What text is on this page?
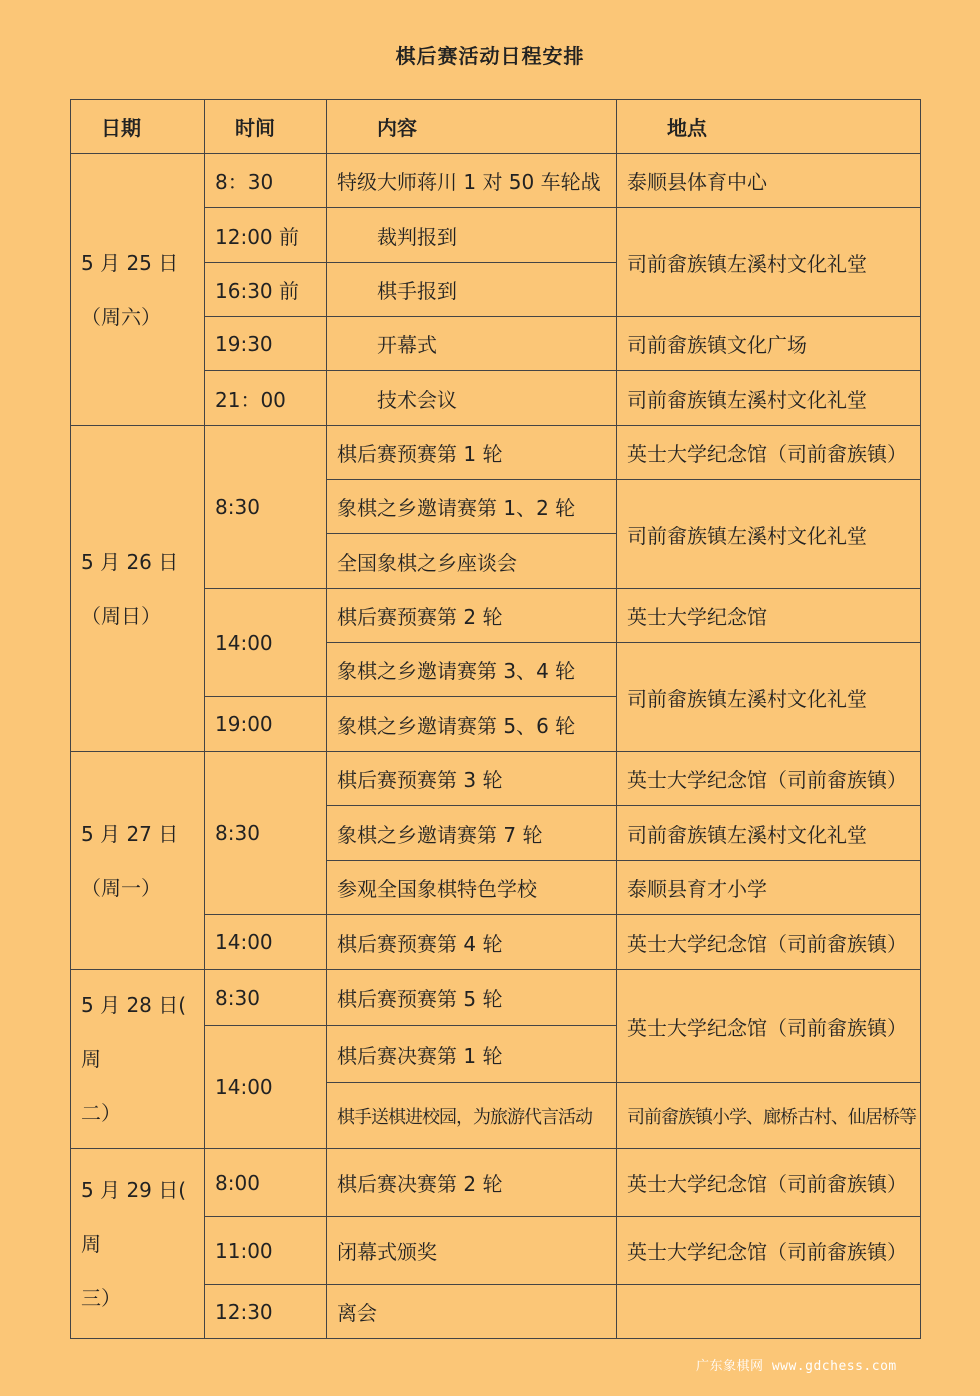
棋后赛活动日程安排
日期	时间	内容	地点

5 月 25 日
（周六）	8：30	特级大师蒋川 1 对 50 车轮战	泰顺县体育中心
	12:00 前	裁判报到	司前畲族镇左溪村文化礼堂
	16:30 前	棋手报到	
	19:30	开幕式	司前畲族镇文化广场
	21：00	技术会议	司前畲族镇左溪村文化礼堂

5 月 26 日
（周日）	8:30	棋后赛预赛第 1 轮	英士大学纪念馆（司前畲族镇）
		象棋之乡邀请赛第 1、2 轮	司前畲族镇左溪村文化礼堂
		全国象棋之乡座谈会	
	14:00	棋后赛预赛第 2 轮	英士大学纪念馆
		象棋之乡邀请赛第 3、4 轮	司前畲族镇左溪村文化礼堂
	19:00	象棋之乡邀请赛第 5、6 轮	

5 月 27 日
（周一）	8:30	棋后赛预赛第 3 轮	英士大学纪念馆（司前畲族镇）
		象棋之乡邀请赛第 7 轮	司前畲族镇左溪村文化礼堂
		参观全国象棋特色学校	泰顺县育才小学
	14:00	棋后赛预赛第 4 轮	英士大学纪念馆（司前畲族镇）

5 月 28 日( 周
二）	8:30	棋后赛预赛第 5 轮	英士大学纪念馆（司前畲族镇）
	14:00	棋后赛决赛第 1 轮	
		棋手送棋进校园，为旅游代言活动	司前畲族镇小学、廊桥古村、仙居桥等

5 月 29 日( 周
三）	8:00	棋后赛决赛第 2 轮	英士大学纪念馆（司前畲族镇）
	11:00	闭幕式颁奖	英士大学纪念馆（司前畲族镇）
	12:30	离会	
广东象棋网 www.gdchess.com
